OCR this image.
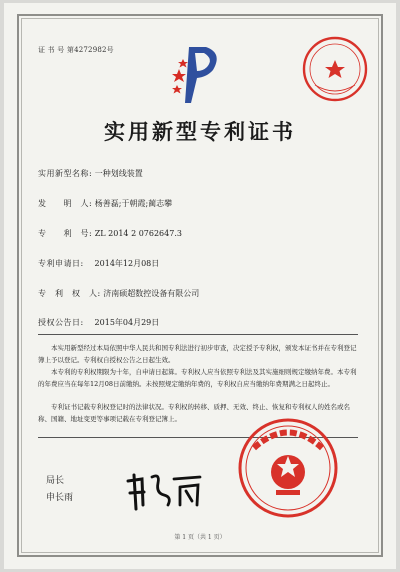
证 书 号 第4272982号
实用新型专利证书
实用新型名称: 一种划线装置
发　　明　人: 杨善磊;于朝霞;蔺志攀
专　　利　号: ZL 2014 2 0762647.3
专利申请日: 2014年12月08日
专　利　权　人: 济南硕超数控设备有限公司
授权公告日: 2015年04月29日
本实用新型经过本局依照中华人民共和国专利法进行初步审查，决定授予专利权，颁发本证书并在专利登记簿上予以登记。专利权自授权公告之日起生效。
本专利的专利权期限为十年，自申请日起算。专利权人应当依照专利法及其实施细则规定缴纳年费。本专利的年费应当在每年12月08日前缴纳。未按照规定缴纳年费的，专利权自应当缴纳年费期满之日起终止。
专利证书记载专利权登记时的法律状况。专利权的转移、质押、无效、终止、恢复和专利权人的姓名或名称、国籍、地址变更等事项记载在专利登记簿上。
局长
申长雨
第 1 页（共 1 页）
